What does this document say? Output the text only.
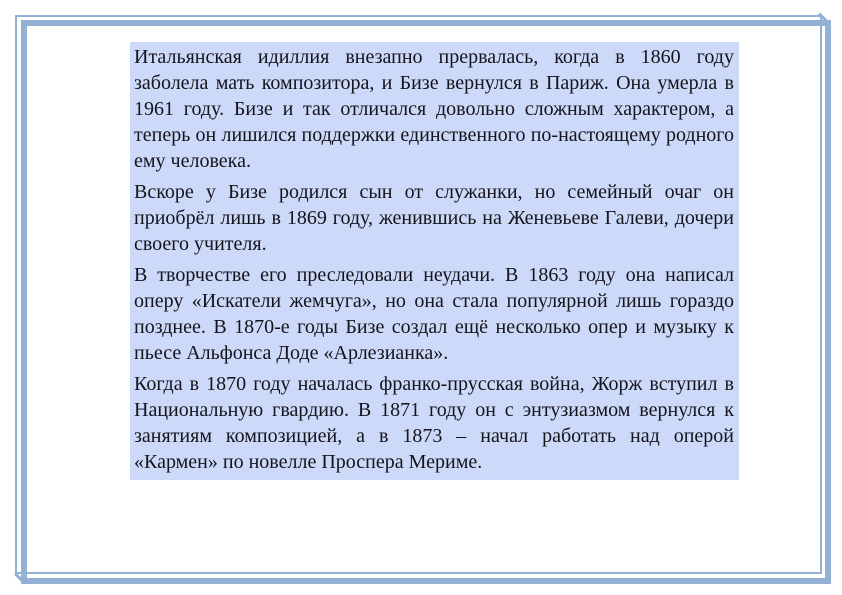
Итальянская идиллия внезапно прервалась, когда в 1860 году заболела мать композитора, и Бизе вернулся в Париж. Она умерла в 1961 году. Бизе и так отличался довольно сложным характером, а теперь он лишился поддержки единственного по-настоящему родного ему человека.

Вскоре у Бизе родился сын от служанки, но семейный очаг он приобрёл лишь в 1869 году, женившись на Женевьеве Галеви, дочери своего учителя.

В творчестве его преследовали неудачи. В 1863 году она написал оперу «Искатели жемчуга», но она стала популярной лишь гораздо позднее. В 1870-е годы Бизе создал ещё несколько опер и музыку к пьесе Альфонса Доде «Арлезианка».

Когда в 1870 году началась франко-прусская война, Жорж вступил в Национальную гвардию. В 1871 году он с энтузиазмом вернулся к занятиям композицией, а в 1873 – начал работать над оперой «Кармен» по новелле Проспера Мериме.
